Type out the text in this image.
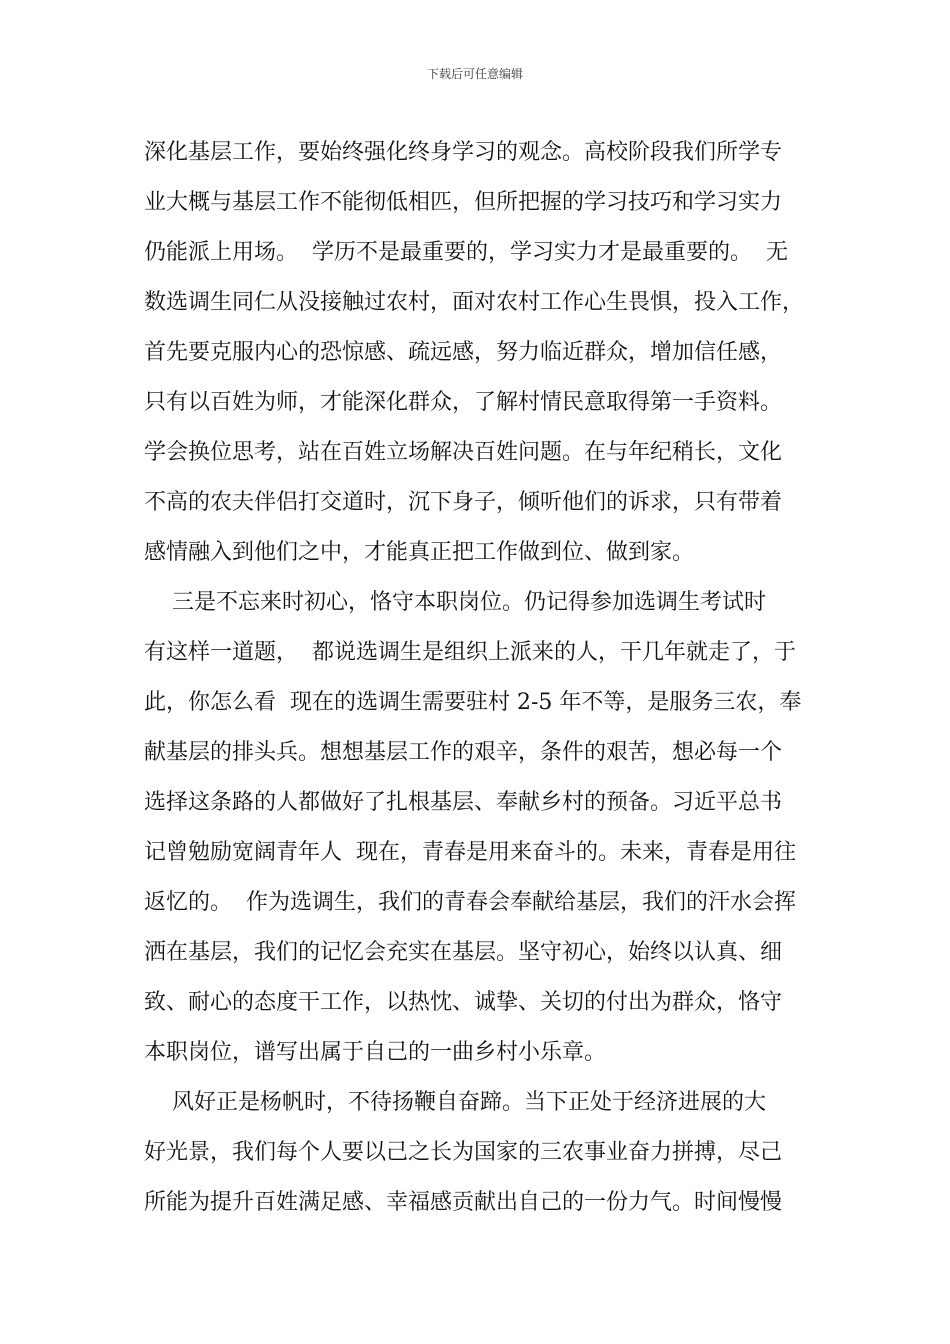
下载后可任意编辑
深化基层工作，要始终强化终身学习的观念。高校阶段我们所学专
业大概与基层工作不能彻低相匹，但所把握的学习技巧和学习实力
仍能派上用场。  学历不是最重要的，学习实力才是最重要的。  无
数选调生同仁从没接触过农村，面对农村工作心生畏惧，投入工作，
首先要克服内心的恐惊感、疏远感，努力临近群众，增加信任感，
只有以百姓为师，才能深化群众，了解村情民意取得第一手资料。
学会换位思考，站在百姓立场解决百姓问题。在与年纪稍长，文化
不高的农夫伴侣打交道时，沉下身子，倾听他们的诉求，只有带着
感情融入到他们之中，才能真正把工作做到位、做到家。
三是不忘来时初心，恪守本职岗位。仍记得参加选调生考试时
有这样一道题，  都说选调生是组织上派来的人，干几年就走了，于
此，你怎么看  现在的选调生需要驻村 2-5 年不等，是服务三农，奉
献基层的排头兵。想想基层工作的艰辛，条件的艰苦，想必每一个
选择这条路的人都做好了扎根基层、奉献乡村的预备。习近平总书
记曾勉励宽阔青年人  现在，青春是用来奋斗的。未来，青春是用往
返忆的。  作为选调生，我们的青春会奉献给基层，我们的汗水会挥
洒在基层，我们的记忆会充实在基层。坚守初心，始终以认真、细
致、耐心的态度干工作，以热忱、诚挚、关切的付出为群众，恪守
本职岗位，谱写出属于自己的一曲乡村小乐章。
风好正是杨帆时，不待扬鞭自奋蹄。当下正处于经济进展的大
好光景，我们每个人要以己之长为国家的三农事业奋力拼搏，尽己
所能为提升百姓满足感、幸福感贡献出自己的一份力气。时间慢慢
